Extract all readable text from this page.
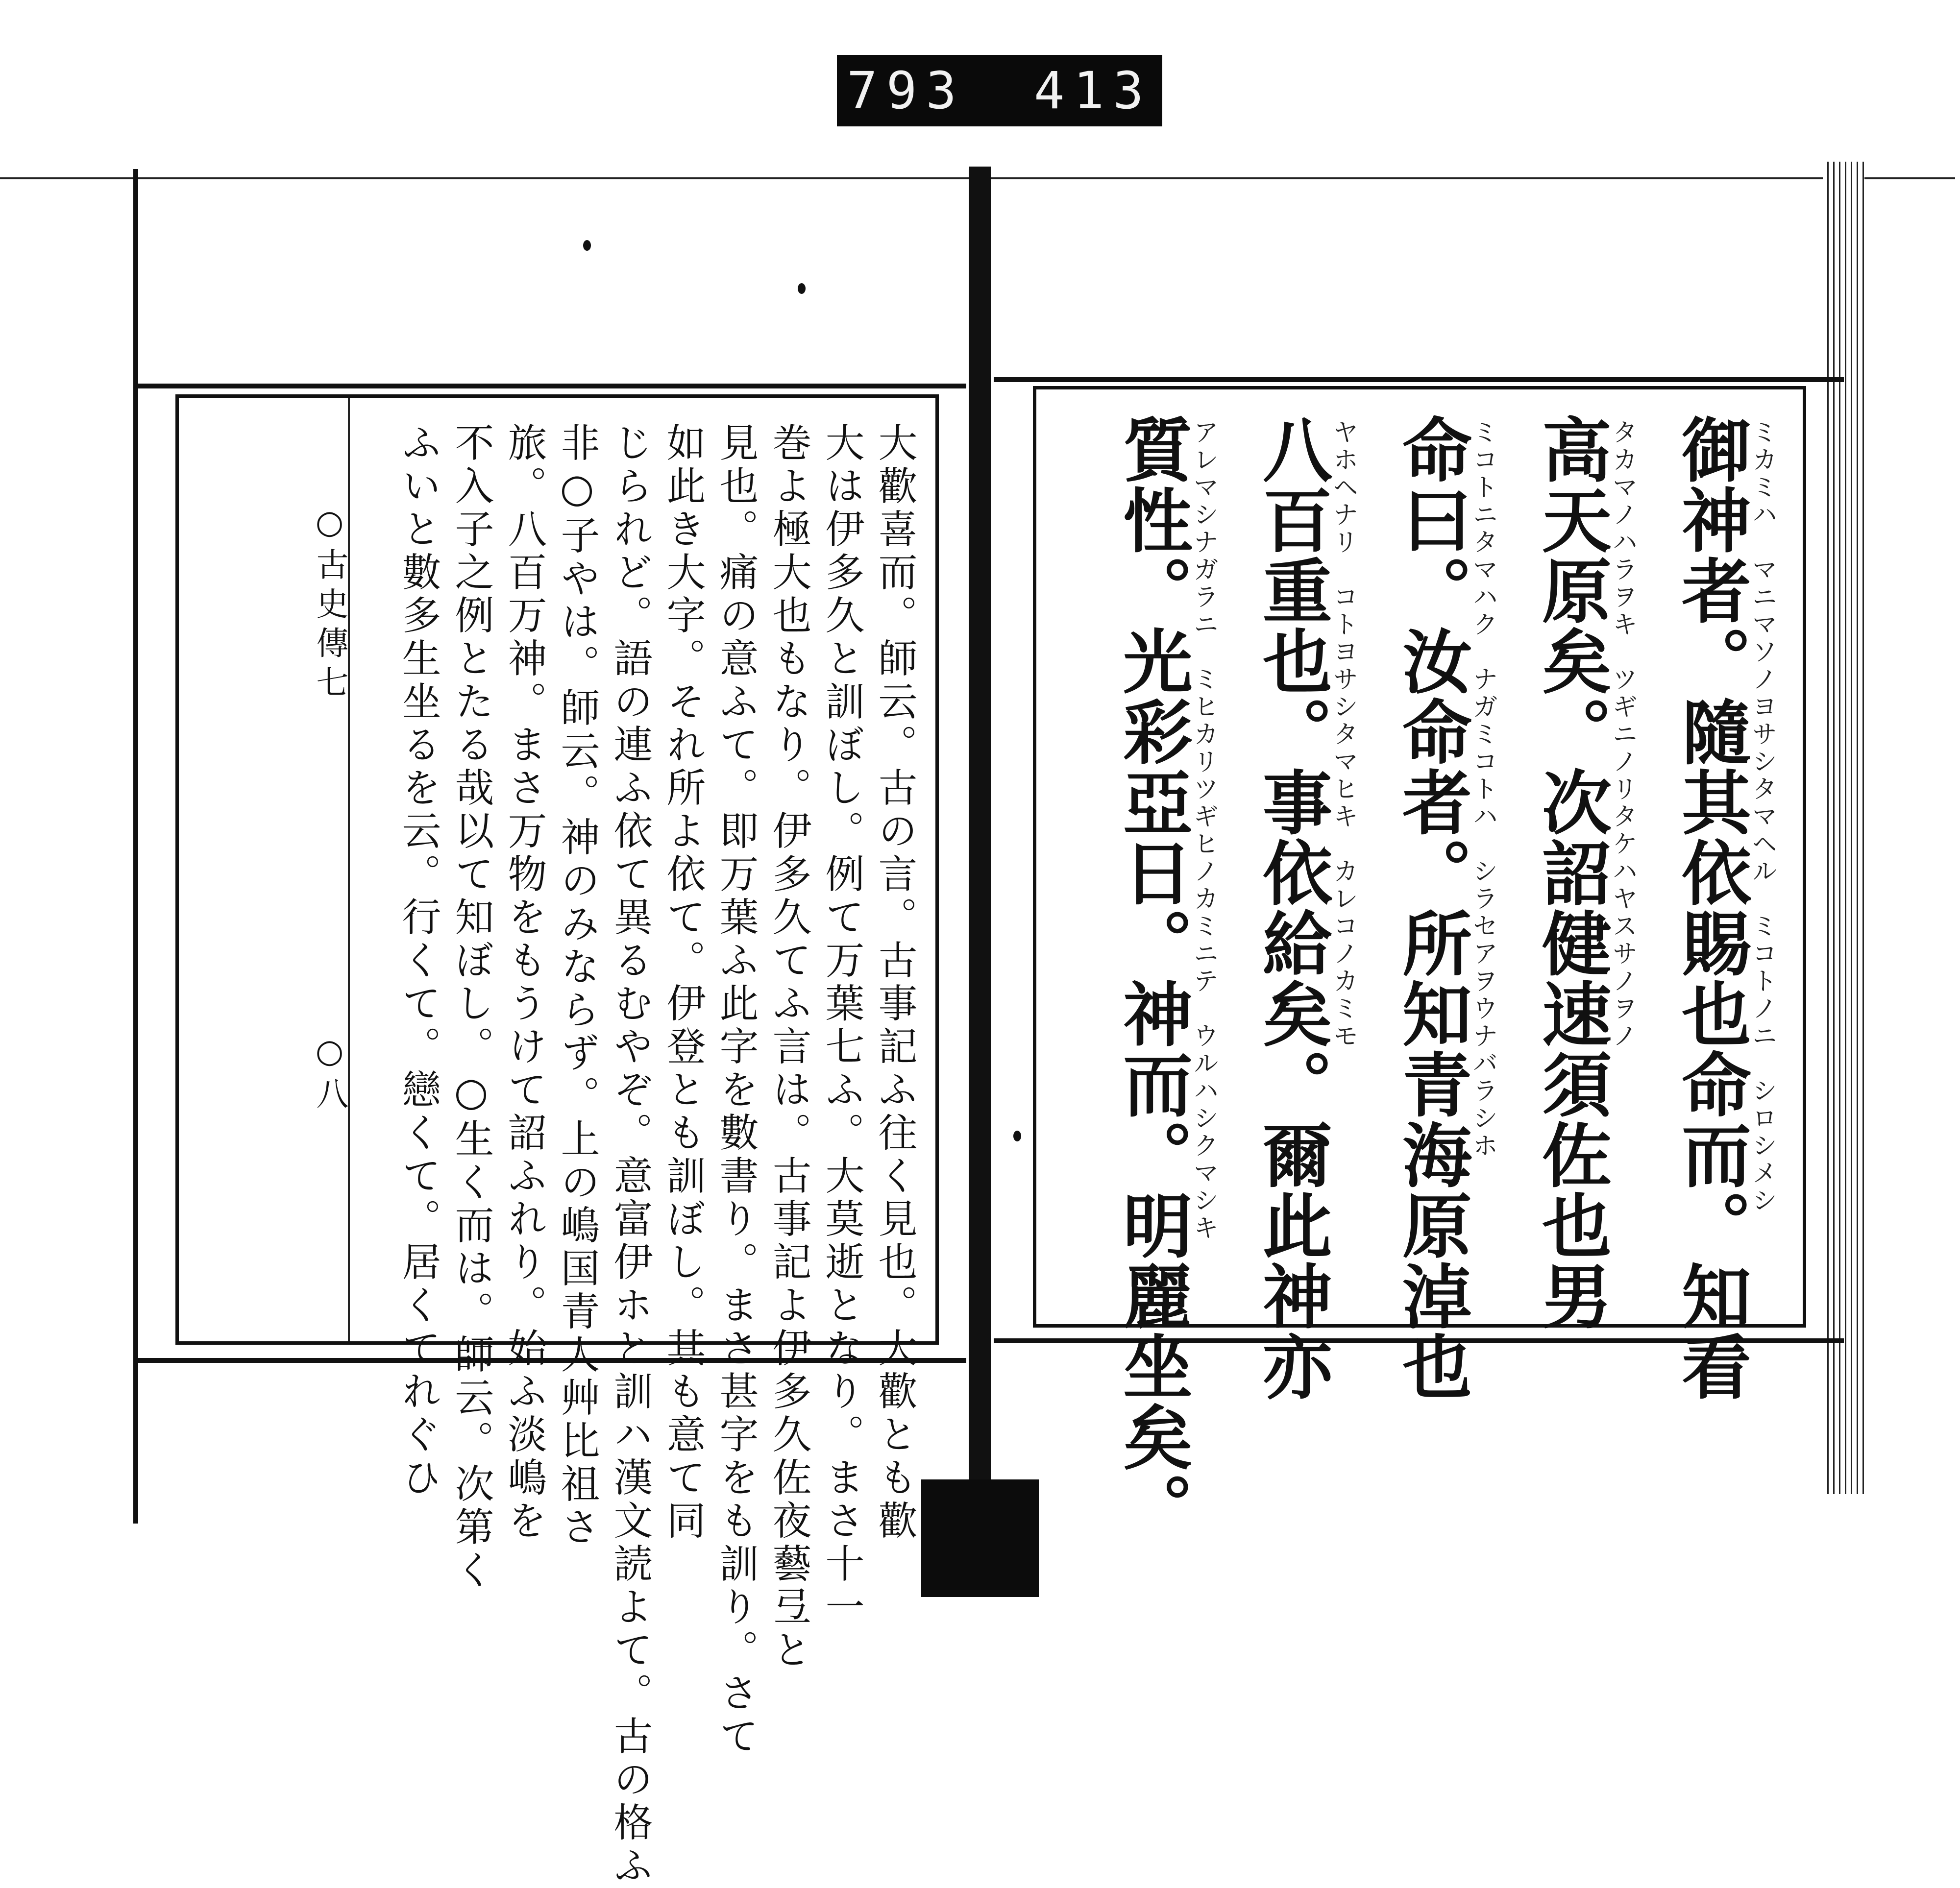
793 413
○古史傳七
○八	大歡喜而。師云。古の言。古事記ふ往く見也。大歡とも歡
大は伊多久と訓ぼし。例て万葉七ふ。大莫逝となり。まさ十一
巻よ極大也もなり。伊多久てふ言は。古事記よ伊多久佐夜藝弖と
見也。痛の意ふて。即万葉ふ此字を數書り。まさ甚字をも訓り。さて
如此き大字。それ所よ依て。伊登とも訓ぼし。其も意て同
じられど。語の連ふ依て異るむやぞ。意富伊ホと訓ハ漢文読よて。古の格ふ
非○子やは。師云。神のみならず。上の嶋国青人艸比祖さ
旅。八百万神。まさ万物をもうけて詔ふれり。始ふ淡嶋を
不入子之例とたる哉以て知ぼし。○生く而は。師云。次第く
ふいと數多生坐るを云。行くて。戀くて。居くてれぐひ	ミカミハ　マニマソノヨサシタマヘル　ミコトノニ　シロシメシ
御神者。隨其依賜也命而。知看
タカマノハラヲキ　ツギニノリタケハヤスサノヲノ
高天原矣。次詔健速須佐也男
ミコトニタマハク　ナガミコトハ　シラセアヲウナバラシホ
命曰。汝命者。所知青海原淖也
ヤホヘナリ　コトヨサシタマヒキ　カレコノカミモ
八百重也。事依給矣。爾此神亦
アレマシナガラニ　ミヒカリツギヒノカミニテ　ウルハシクマシキ
質性。光彩亞日。神而。明麗坐矣。
